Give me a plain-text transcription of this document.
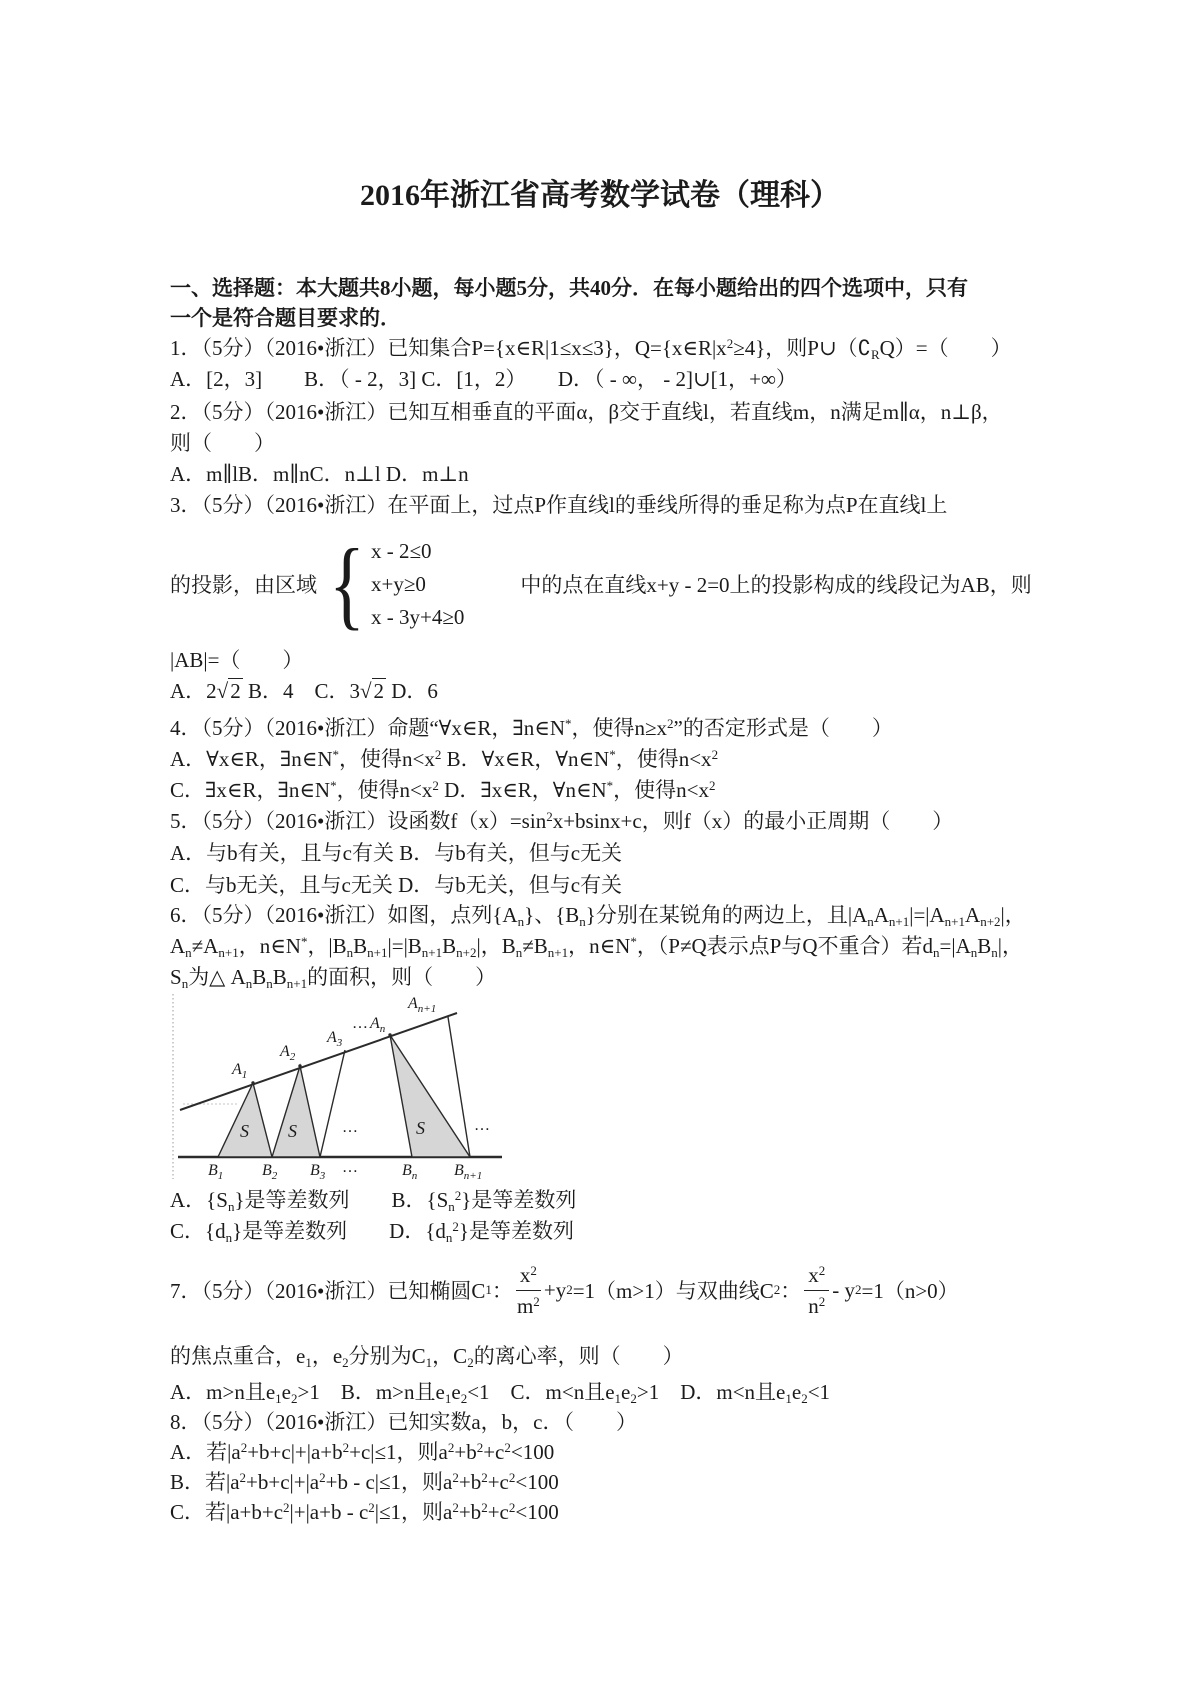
2016年浙江省高考数学试卷（理科）
一、选择题：本大题共8小题，每小题5分，共40分．在每小题给出的四个选项中，只有
一个是符合题目要求的．
1．（5分）（2016•浙江）已知集合P={x∈R|1≤x≤3}，$Q=\{x\in R|x^2\ge 4\}$，则$P\cup(∁_RQ)=$（　　）
A．[2，3]　　B．（ - 2，3] C．[1，2）　　D．（ - ∞， - 2]∪[1，+∞）
2．（5分）（2016•浙江）已知互相垂直的平面α，β交于直线l，若直线m，n满足m∥α，n⊥β，
则（　　）
A．m∥lB．m∥nC．n⊥l D．m⊥n
3．（5分）（2016•浙江）在平面上，过点P作直线l的垂线所得的垂足称为点P在直线l上
的投影，由区域 { x - 2≤0
x+y≥0
x - 3y+4≥0
中的点在直线x+y - 2=0上的投影构成的线段记为AB，则
|AB|=（　　）
A．2√2 B．4　C．3√2 D．6
4．（5分）（2016•浙江）命题“∀x∈R，∃n∈N*，使得$n\ge x^2$”的否定形式是（　　）
A．∀x∈R，∃n∈N*，使得$n<x^2$ B．∀x∈R，∀n∈N*，使得$n<x^2$
C．∃x∈R，∃n∈N*，使得$n<x^2$ D．∃x∈R，∀n∈N*，使得$n<x^2$
5．（5分）（2016•浙江）设函数$f(x)=\sin^2x+bsinx+c$，则f（x）的最小正周期（　　）
A．与b有关，且与c有关 B．与b有关，但与c无关
C．与b无关，且与c无关 D．与b无关，但与c有关
6．（5分）（2016•浙江）如图，点列$\{A_n\}$、$\{B_n\}$分别在某锐角的两边上，且$|A_nA_{n+1}|=|A_{n+1}A_{n+2}|$，
$A_n\ne A_{n+1}$，n∈N*，$|B_nB_{n+1}|=|B_{n+1}B_{n+2}|$，$B_n\ne B_{n+1}$，n∈N*，（P≠Q表示点P与Q不重合）若$d_n=|A_nB_n|$，
$S_n$为△ $A_nB_nB_{n+1}$的面积，则（　　）
$A_1$
$A_2$
$A_3$
… $A_n$
$A_{n+1}$
S S	S
…	…
$B_1$ $B_2$ $B_3$ …	$B_n$ $B_{n+1}$
A．$\{S_n\}$是等差数列　　B．$\{S_n^2\}$是等差数列
C．$\{d_n\}$是等差数列　　D．$\{d_n^2\}$是等差数列
7．（5分）（2016•浙江）已知椭圆C 1 ： $\frac{x^2}{m^2} +y$ 2 =1（m>1）与双曲线C 2 ： $\frac{x^2}{n^2}$ - y 2 =1（n>0）
的焦点重合，$e_1$，$e_2$分别为$C_1$，$C_2$的离心率，则（　　）
A．m>n且$e_1e_2>1$　B．m>n且$e_1e_2<1$　C．m<n且$e_1e_2>1$　D．m<n且$e_1e_2<1$
8．（5分）（2016•浙江）已知实数a，b，c．（　　）
A．若$|a^2+b+c|+|a+b^2+c|\le 1$，则$a^2+b^2+c^2<100$
B．若$|a^2+b+c|+|a^2+b - c|\le 1$，则$a^2+b^2+c^2<100$
C．若$|a+b+c^2|+|a+b - c^2|\le 1$，则$a^2+b^2+c^2<100$
